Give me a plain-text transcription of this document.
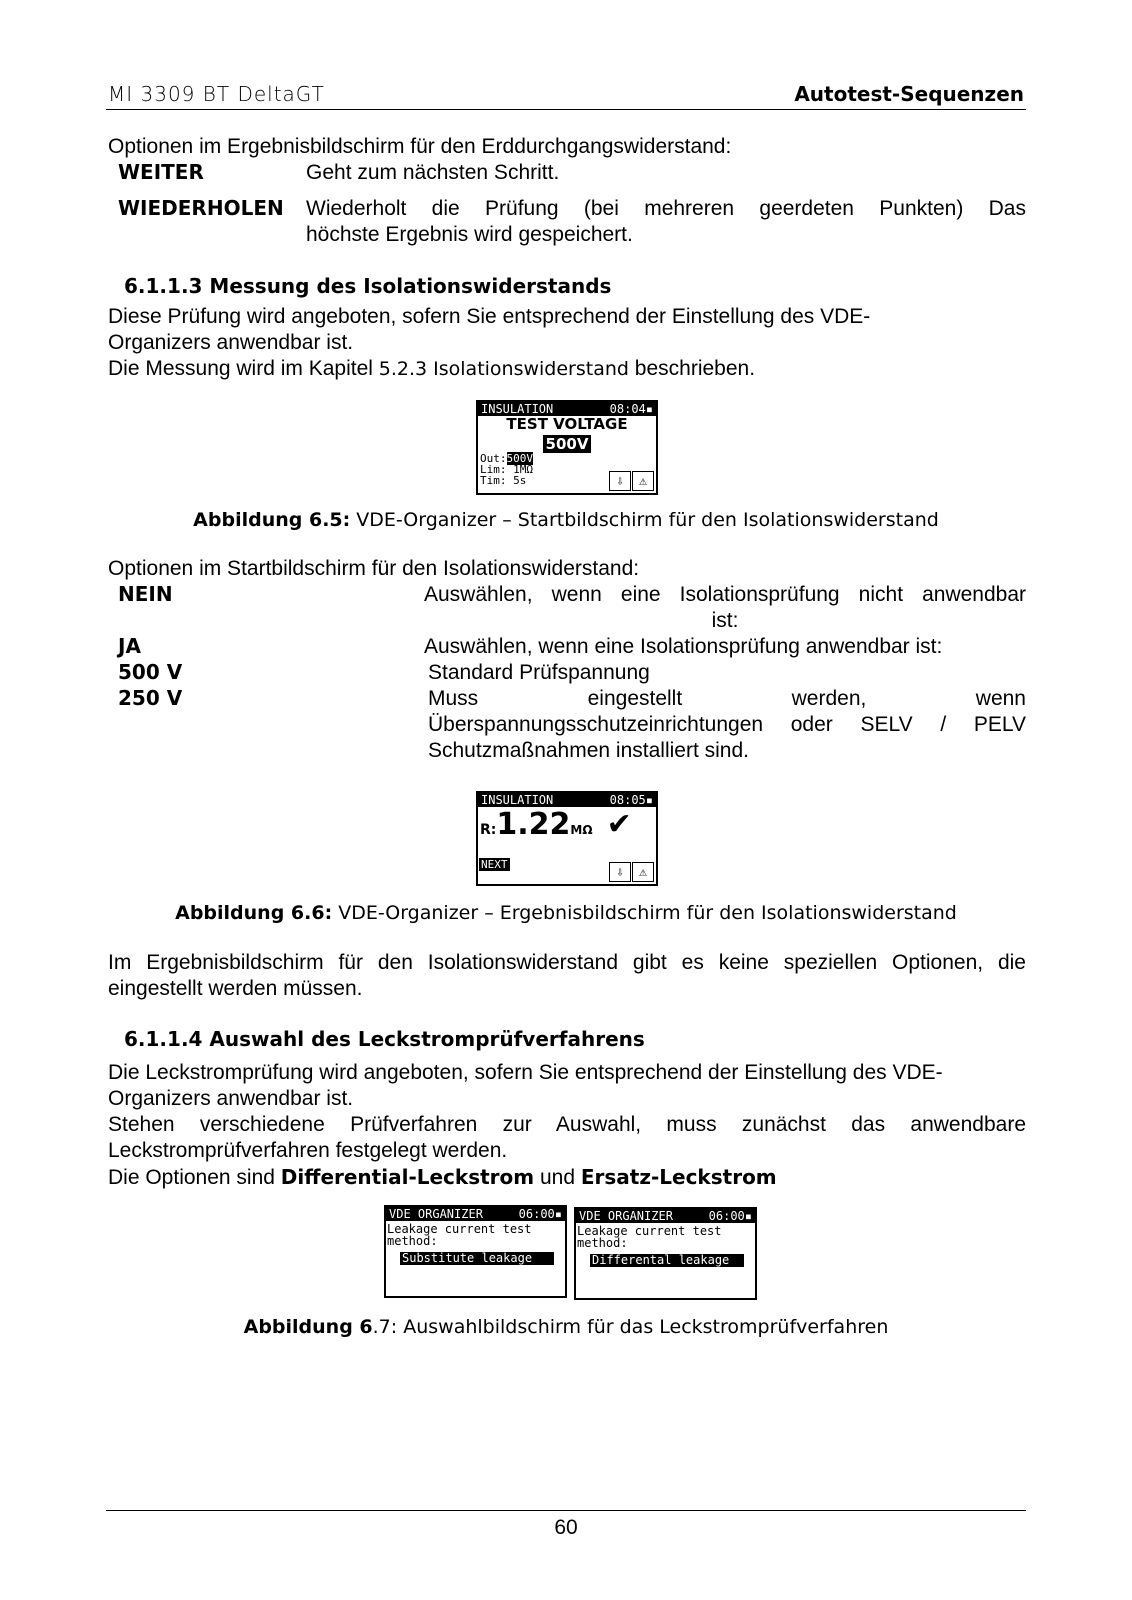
MI 3309 BT DeltaGT	Autotest-Sequenzen
Optionen im Ergebnisbildschirm für den Erddurchgangswiderstand:
WEITER	Geht zum nächsten Schritt.
WIEDERHOLEN Wiederholt die Prüfung (bei mehreren geerdeten Punkten) Das
höchste Ergebnis wird gespeichert.
6.1.1.3 Messung des Isolationswiderstands
Diese Prüfung wird angeboten, sofern Sie entsprechend der Einstellung des VDE-
Organizers anwendbar ist.
Die Messung wird im Kapitel 5.2.3 Isolationswiderstand beschrieben.
INSULATION	08:04▪
TEST VOLTAGE
500V
Out:500V
Lim: 1MΩ
Tim: 5s	⇩	⚠
Abbildung 6.5: VDE-Organizer – Startbildschirm für den Isolationswiderstand
Optionen im Startbildschirm für den Isolationswiderstand:
NEIN	Auswählen, wenn eine Isolationsprüfung nicht anwendbar
ist:
JA	Auswählen, wenn eine Isolationsprüfung anwendbar ist:
500 V	Standard Prüfspannung
250 V	Muss	eingestellt	werden,	wenn
Überspannungsschutzeinrichtungen oder SELV / PELV
Schutzmaßnahmen installiert sind.
INSULATION	08:05▪
R: 1.22 MΩ ✔
NEXT	⇩	⚠
Abbildung 6.6: VDE-Organizer – Ergebnisbildschirm für den Isolationswiderstand
Im Ergebnisbildschirm für den Isolationswiderstand gibt es keine speziellen Optionen, die
eingestellt werden müssen.
6.1.1.4 Auswahl des Leckstromprüfverfahrens
Die Leckstromprüfung wird angeboten, sofern Sie entsprechend der Einstellung des VDE-
Organizers anwendbar ist.
Stehen verschiedene Prüfverfahren zur Auswahl, muss zunächst das anwendbare
Leckstromprüfverfahren festgelegt werden.
Die Optionen sind Differential-Leckstrom und Ersatz-Leckstrom
VDE ORGANIZER	06:00▪
Leakage current test
method:
Substitute leakage
VDE ORGANIZER	06:00▪
Leakage current test
method:
Differental leakage
Abbildung 6.7: Auswahlbildschirm für das Leckstromprüfverfahren
60
